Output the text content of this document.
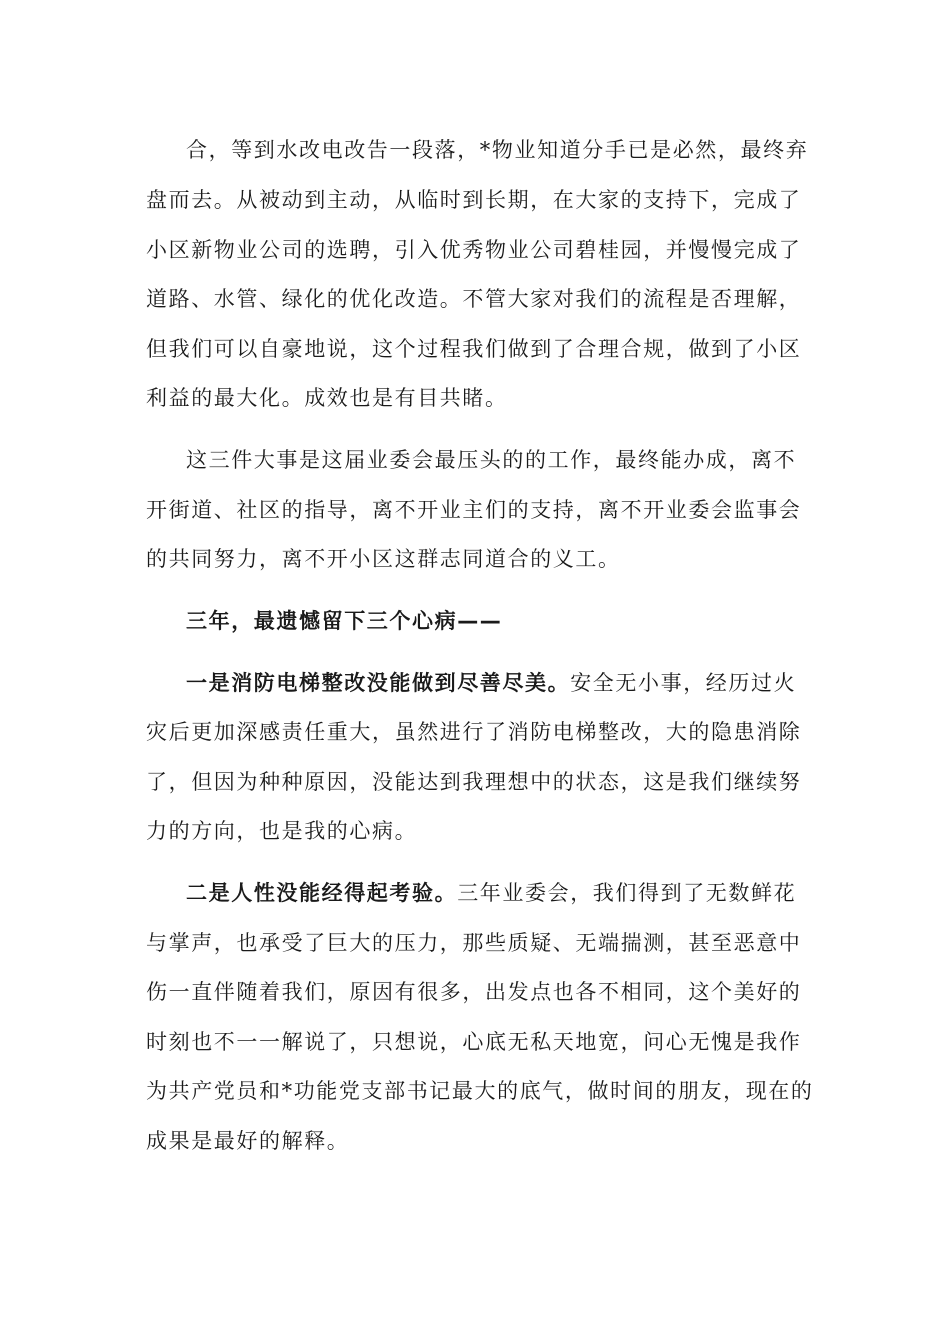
合，等到水改电改告一段落，*物业知道分手已是必然，最终弃
盘而去。从被动到主动，从临时到长期，在大家的支持下，完成了
小区新物业公司的选聘，引入优秀物业公司碧桂园，并慢慢完成了
道路、水管、绿化的优化改造。不管大家对我们的流程是否理解，
但我们可以自豪地说，这个过程我们做到了合理合规，做到了小区
利益的最大化。成效也是有目共睹。
这三件大事是这届业委会最压头的的工作，最终能办成，离不
开街道、社区的指导，离不开业主们的支持，离不开业委会监事会
的共同努力，离不开小区这群志同道合的义工。
三年，最遗憾留下三个心病——
一是消防电梯整改没能做到尽善尽美。安全无小事，经历过火
灾后更加深感责任重大，虽然进行了消防电梯整改，大的隐患消除
了，但因为种种原因，没能达到我理想中的状态，这是我们继续努
力的方向，也是我的心病。
二是人性没能经得起考验。三年业委会，我们得到了无数鲜花
与掌声，也承受了巨大的压力，那些质疑、无端揣测，甚至恶意中
伤一直伴随着我们，原因有很多，出发点也各不相同，这个美好的
时刻也不一一解说了，只想说，心底无私天地宽，问心无愧是我作
为共产党员和*功能党支部书记最大的底气，做时间的朋友，现在的
成果是最好的解释。
